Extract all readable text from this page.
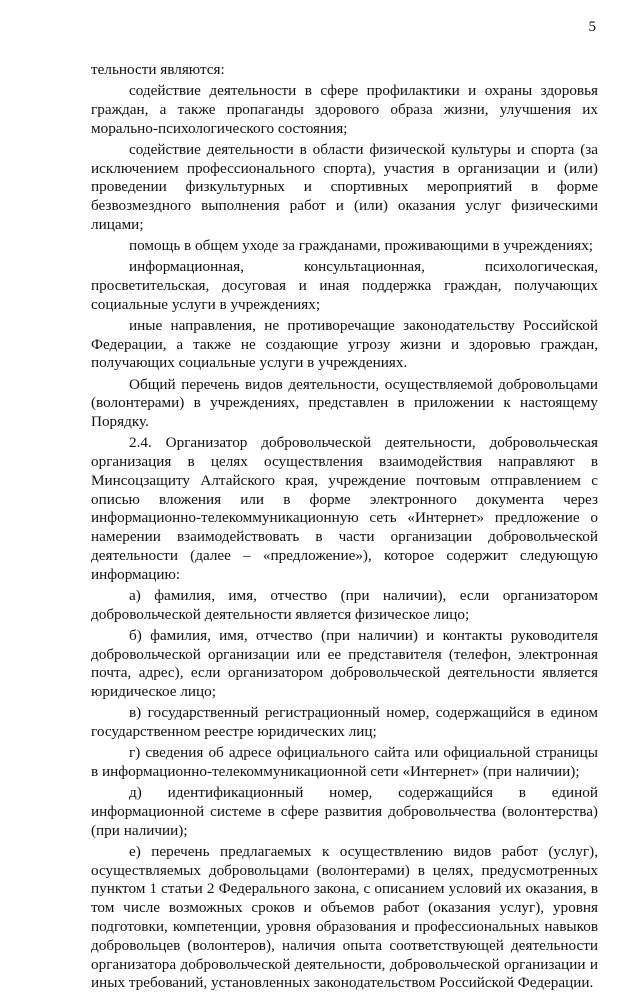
5

тельности являются:

содействие деятельности в сфере профилактики и охраны здоровья граждан, а также пропаганды здорового образа жизни, улучшения их морально-психологического состояния;

содействие деятельности в области физической культуры и спорта (за исключением профессионального спорта), участия в организации и (или) проведении физкультурных и спортивных мероприятий в форме безвозмездного выполнения работ и (или) оказания услуг физическими лицами;

помощь в общем уходе за гражданами, проживающими в учреждениях;

информационная, консультационная, психологическая, просветительская, досуговая и иная поддержка граждан, получающих социальные услуги в учреждениях;

иные направления, не противоречащие законодательству Российской Федерации, а также не создающие угрозу жизни и здоровью граждан, получающих социальные услуги в учреждениях.

Общий перечень видов деятельности, осуществляемой добровольцами (волонтерами) в учреждениях, представлен в приложении к настоящему Порядку.

2.4. Организатор добровольческой деятельности, добровольческая организация в целях осуществления взаимодействия направляют в Минсоцзащиту Алтайского края, учреждение почтовым отправлением с описью вложения или в форме электронного документа через информационно-телекоммуникационную сеть «Интернет» предложение о намерении взаимодействовать в части организации добровольческой деятельности (далее – «предложение»), которое содержит следующую информацию:

а) фамилия, имя, отчество (при наличии), если организатором добровольческой деятельности является физическое лицо;

б) фамилия, имя, отчество (при наличии) и контакты руководителя добровольческой организации или ее представителя (телефон, электронная почта, адрес), если организатором добровольческой деятельности является юридическое лицо;

в) государственный регистрационный номер, содержащийся в едином государственном реестре юридических лиц;

г) сведения об адресе официального сайта или официальной страницы в информационно-телекоммуникационной сети «Интернет» (при наличии);

д) идентификационный номер, содержащийся в единой информационной системе в сфере развития добровольчества (волонтерства) (при наличии);

е) перечень предлагаемых к осуществлению видов работ (услуг), осуществляемых добровольцами (волонтерами) в целях, предусмотренных пунктом 1 статьи 2 Федерального закона, с описанием условий их оказания, в том числе возможных сроков и объемов работ (оказания услуг), уровня подготовки, компетенции, уровня образования и профессиональных навыков добровольцев (волонтеров), наличия опыта соответствующей деятельности организатора добровольческой деятельности, добровольческой организации и иных требований, установленных законодательством Российской Федерации.
